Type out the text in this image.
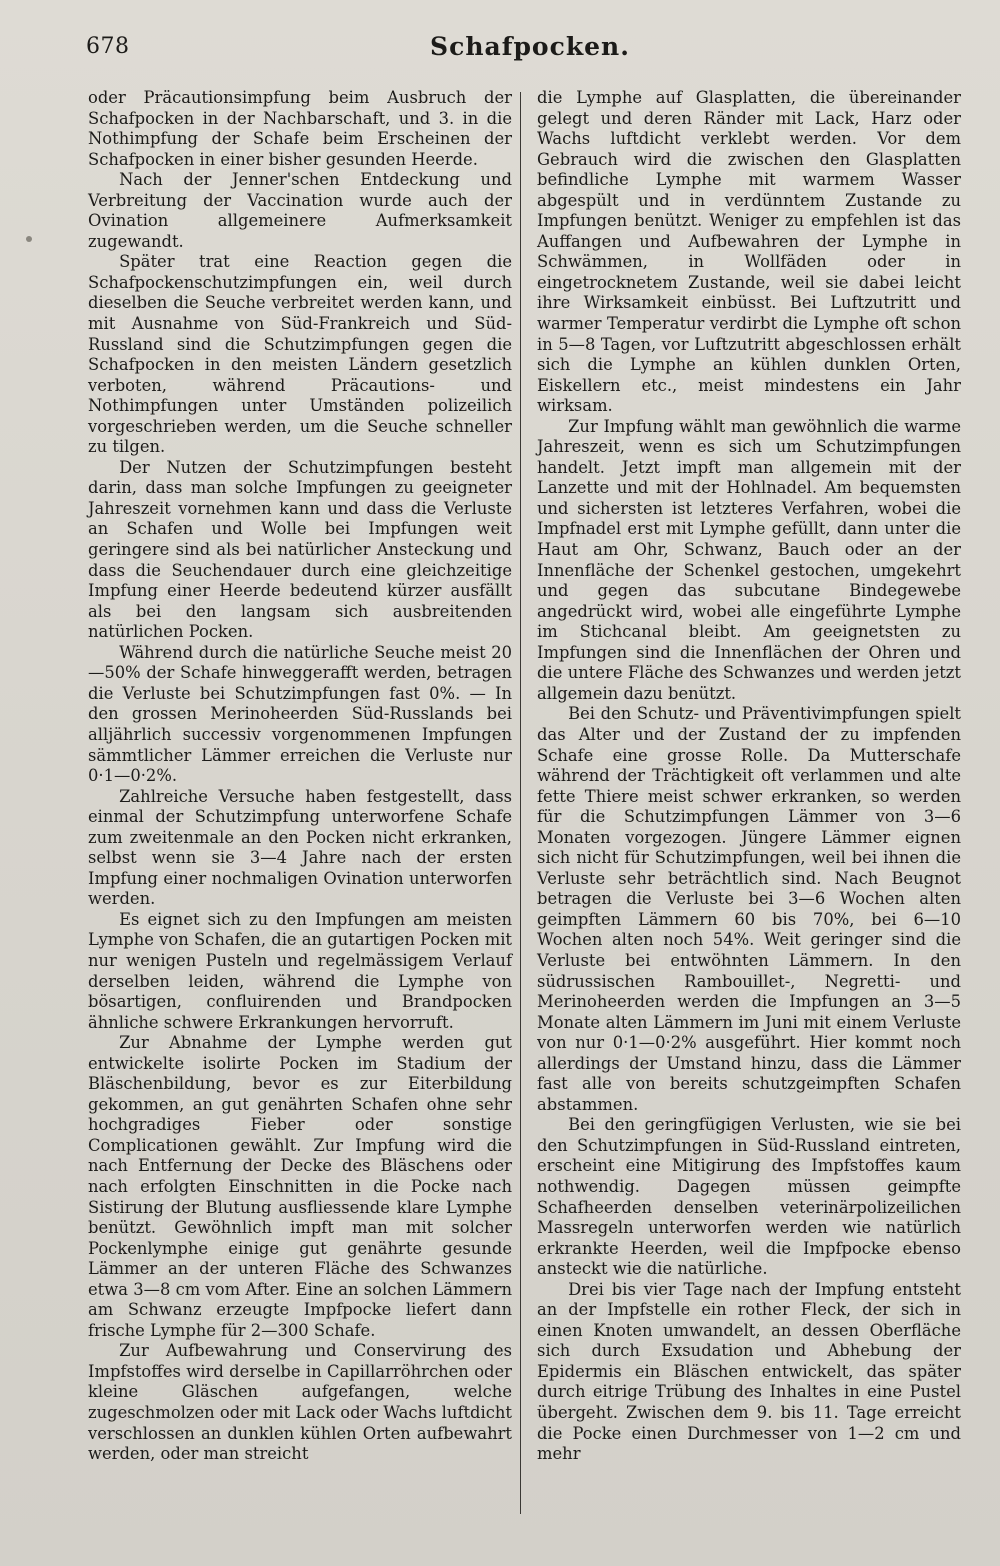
678	Schafpocken.

oder Präcautionsimpfung beim Ausbruch der Schafpocken in der Nachbarschaft, und 3. in die Nothimpfung der Schafe beim Erscheinen der Schafpocken in einer bisher gesunden Heerde.

Nach der Jenner'schen Entdeckung und Verbreitung der Vaccination wurde auch der Ovination allgemeinere Aufmerksamkeit zugewandt.

Später trat eine Reaction gegen die Schafpockenschutzimpfungen ein, weil durch dieselben die Seuche verbreitet werden kann, und mit Ausnahme von Süd-Frankreich und Süd-Russland sind die Schutzimpfungen gegen die Schafpocken in den meisten Ländern gesetzlich verboten, während Präcautions- und Nothimpfungen unter Umständen polizeilich vorgeschrieben werden, um die Seuche schneller zu tilgen.

Der Nutzen der Schutzimpfungen besteht darin, dass man solche Impfungen zu geeigneter Jahreszeit vornehmen kann und dass die Verluste an Schafen und Wolle bei Impfungen weit geringere sind als bei natürlicher Ansteckung und dass die Seuchendauer durch eine gleichzeitige Impfung einer Heerde bedeutend kürzer ausfällt als bei den langsam sich ausbreitenden natürlichen Pocken.

Während durch die natürliche Seuche meist 20—50% der Schafe hinweggerafft werden, betragen die Verluste bei Schutzimpfungen fast 0%. — In den grossen Merinoheerden Süd-Russlands bei alljährlich successiv vorgenommenen Impfungen sämmtlicher Lämmer erreichen die Verluste nur 0·1—0·2%.

Zahlreiche Versuche haben festgestellt, dass einmal der Schutzimpfung unterworfene Schafe zum zweitenmale an den Pocken nicht erkranken, selbst wenn sie 3—4 Jahre nach der ersten Impfung einer nochmaligen Ovination unterworfen werden.

Es eignet sich zu den Impfungen am meisten Lymphe von Schafen, die an gutartigen Pocken mit nur wenigen Pusteln und regelmässigem Verlauf derselben leiden, während die Lymphe von bösartigen, confluirenden und Brandpocken ähnliche schwere Erkrankungen hervorruft.

Zur Abnahme der Lymphe werden gut entwickelte isolirte Pocken im Stadium der Bläschenbildung, bevor es zur Eiterbildung gekommen, an gut genährten Schafen ohne sehr hochgradiges Fieber oder sonstige Complicationen gewählt. Zur Impfung wird die nach Entfernung der Decke des Bläschens oder nach erfolgten Einschnitten in die Pocke nach Sistirung der Blutung ausfliessende klare Lymphe benützt. Gewöhnlich impft man mit solcher Pockenlymphe einige gut genährte gesunde Lämmer an der unteren Fläche des Schwanzes etwa 3—8 cm vom After. Eine an solchen Lämmern am Schwanz erzeugte Impfpocke liefert dann frische Lymphe für 2—300 Schafe.

Zur Aufbewahrung und Conservirung des Impfstoffes wird derselbe in Capillarröhrchen oder kleine Gläschen aufgefangen, welche zugeschmolzen oder mit Lack oder Wachs luftdicht verschlossen an dunklen kühlen Orten aufbewahrt werden, oder man streicht

die Lymphe auf Glasplatten, die übereinander gelegt und deren Ränder mit Lack, Harz oder Wachs luftdicht verklebt werden. Vor dem Gebrauch wird die zwischen den Glasplatten befindliche Lymphe mit warmem Wasser abgespült und in verdünntem Zustande zu Impfungen benützt. Weniger zu empfehlen ist das Auffangen und Aufbewahren der Lymphe in Schwämmen, in Wollfäden oder in eingetrocknetem Zustande, weil sie dabei leicht ihre Wirksamkeit einbüsst. Bei Luftzutritt und warmer Temperatur verdirbt die Lymphe oft schon in 5—8 Tagen, vor Luftzutritt abgeschlossen erhält sich die Lymphe an kühlen dunklen Orten, Eiskellern etc., meist mindestens ein Jahr wirksam.

Zur Impfung wählt man gewöhnlich die warme Jahreszeit, wenn es sich um Schutzimpfungen handelt. Jetzt impft man allgemein mit der Lanzette und mit der Hohlnadel. Am bequemsten und sichersten ist letzteres Verfahren, wobei die Impfnadel erst mit Lymphe gefüllt, dann unter die Haut am Ohr, Schwanz, Bauch oder an der Innenfläche der Schenkel gestochen, umgekehrt und gegen das subcutane Bindegewebe angedrückt wird, wobei alle eingeführte Lymphe im Stichcanal bleibt. Am geeignetsten zu Impfungen sind die Innenflächen der Ohren und die untere Fläche des Schwanzes und werden jetzt allgemein dazu benützt.

Bei den Schutz- und Präventivimpfungen spielt das Alter und der Zustand der zu impfenden Schafe eine grosse Rolle. Da Mutterschafe während der Trächtigkeit oft verlammen und alte fette Thiere meist schwer erkranken, so werden für die Schutzimpfungen Lämmer von 3—6 Monaten vorgezogen. Jüngere Lämmer eignen sich nicht für Schutzimpfungen, weil bei ihnen die Verluste sehr beträchtlich sind. Nach Beugnot betragen die Verluste bei 3—6 Wochen alten geimpften Lämmern 60 bis 70%, bei 6—10 Wochen alten noch 54%. Weit geringer sind die Verluste bei entwöhnten Lämmern. In den südrussischen Rambouillet-, Negretti- und Merinoheerden werden die Impfungen an 3—5 Monate alten Lämmern im Juni mit einem Verluste von nur 0·1—0·2% ausgeführt. Hier kommt noch allerdings der Umstand hinzu, dass die Lämmer fast alle von bereits schutzgeimpften Schafen abstammen.

Bei den geringfügigen Verlusten, wie sie bei den Schutzimpfungen in Süd-Russland eintreten, erscheint eine Mitigirung des Impfstoffes kaum nothwendig. Dagegen müssen geimpfte Schafheerden denselben veterinärpolizeilichen Massregeln unterworfen werden wie natürlich erkrankte Heerden, weil die Impfpocke ebenso ansteckt wie die natürliche.

Drei bis vier Tage nach der Impfung entsteht an der Impfstelle ein rother Fleck, der sich in einen Knoten umwandelt, an dessen Oberfläche sich durch Exsudation und Abhebung der Epidermis ein Bläschen entwickelt, das später durch eitrige Trübung des Inhaltes in eine Pustel übergeht. Zwischen dem 9. bis 11. Tage erreicht die Pocke einen Durchmesser von 1—2 cm und mehr
